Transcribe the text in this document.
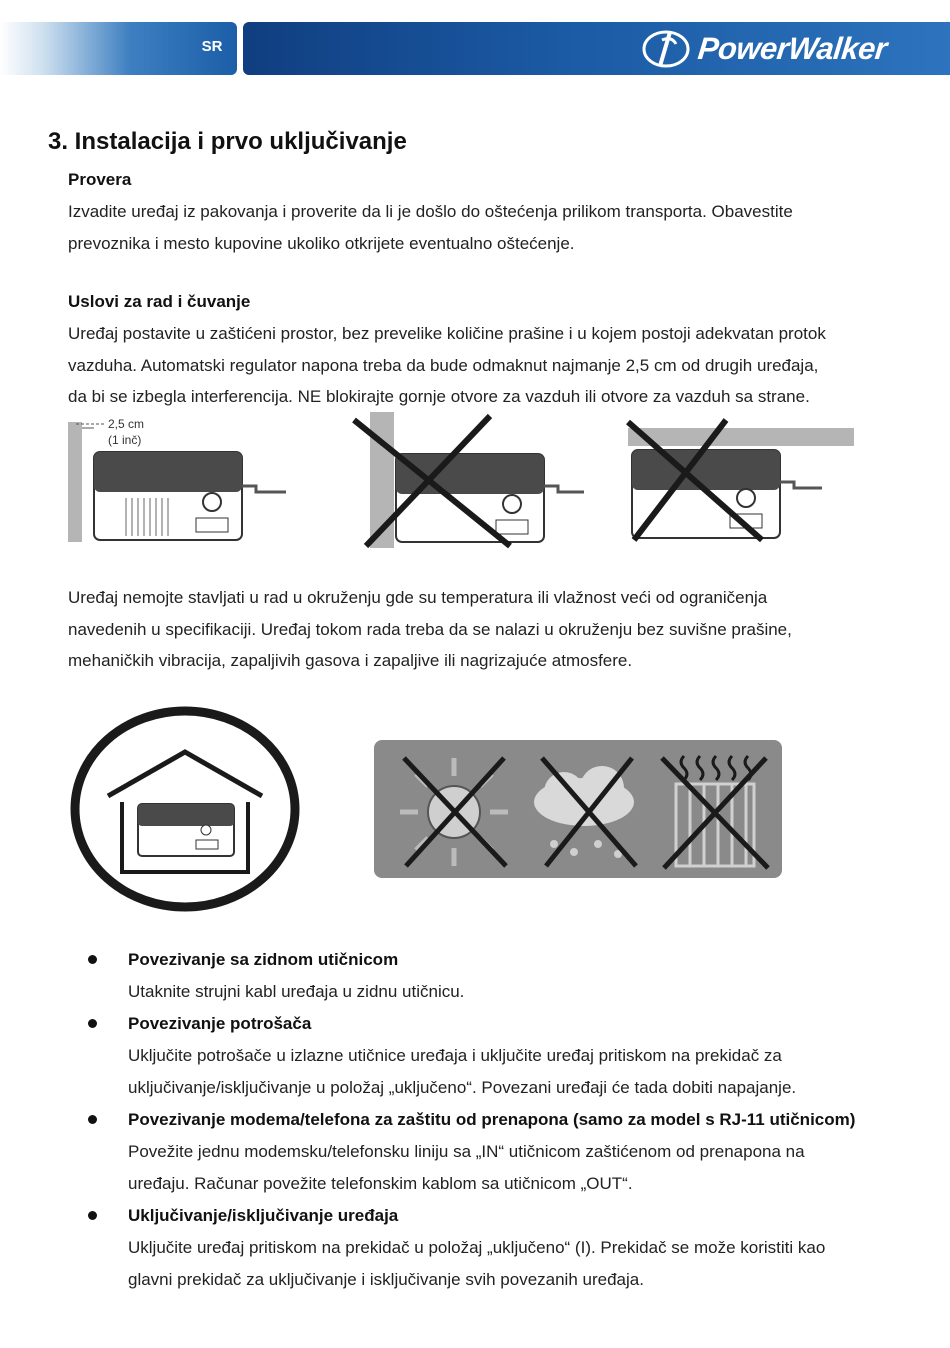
SR	PowerWalker
3. Instalacija i prvo uključivanje
Provera
Izvadite uređaj iz pakovanja i proverite da li je došlo do oštećenja prilikom transporta. Obavestite
prevoznika i mesto kupovine ukoliko otkrijete eventualno oštećenje.
Uslovi za rad i čuvanje
Uređaj postavite u zaštićeni prostor, bez prevelike količine prašine i u kojem postoji adekvatan protok
vazduha. Automatski regulator napona treba da bude odmaknut najmanje 2,5 cm od drugih uređaja,
da bi se izbegla interferencija. NE blokirajte gornje otvore za vazduh ili otvore za vazduh sa strane.
2,5 cm
(1 inč)
Uređaj nemojte stavljati u rad u okruženju gde su temperatura ili vlažnost veći od ograničenja
navedenih u specifikaciji. Uređaj tokom rada treba da se nalazi u okruženju bez suvišne prašine,
mehaničkih vibracija, zapaljivih gasova i zapaljive ili nagrizajuće atmosfere.
Povezivanje sa zidnom utičnicom
Utaknite strujni kabl uređaja u zidnu utičnicu.
Povezivanje potrošača
Uključite potrošače u izlazne utičnice uređaja i uključite uređaj pritiskom na prekidač za
uključivanje/isključivanje u položaj „uključeno“. Povezani uređaji će tada dobiti napajanje.
Povezivanje modema/telefona za zaštitu od prenapona (samo za model s RJ-11 utičnicom)
Povežite jednu modemsku/telefonsku liniju sa „IN“ utičnicom zaštićenom od prenapona na
uređaju. Računar povežite telefonskim kablom sa utičnicom „OUT“.
Uključivanje/isključivanje uređaja
Uključite uređaj pritiskom na prekidač u položaj „uključeno“ (I). Prekidač se može koristiti kao
glavni prekidač za uključivanje i isključivanje svih povezanih uređaja.
